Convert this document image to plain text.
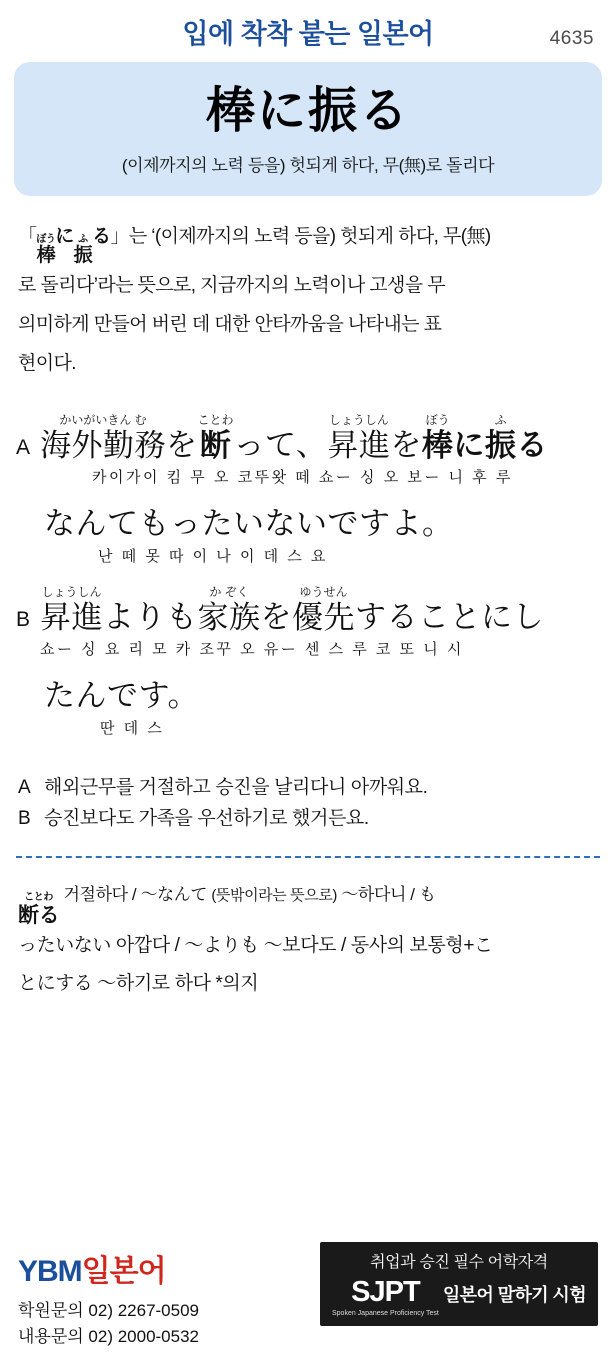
입에 착착 붙는 일본어	4635
棒に振る
(이제까지의 노력 등을) 헛되게 하다, 무(無)로 돌리다
「 ぼう
棒
に ふ
振
る」는 ‘(이제까지의 노력 등을) 헛되게 하다, 무(無)
로 돌리다’라는 뜻으로, 지금까지의 노력이나 고생을 무
의미하게 만들어 버린 데 대한 안타까움을 나타내는 표
현이다.
A
かいがいきん む
海外勤務 を
ことわ
断 って、
しょうしん
昇進 を
ぼう
棒 に
ふ
振 る
카이가이 킴 무 오 코뚜왓 떼 쇼ー 싱 오 보ー 니 후 루
なんてもったいないですよ。
난 떼 못 따 이 나 이 데 스 요
B
しょうしん
昇進 よりも
か ぞく
家族 を
ゆうせん
優先 することにし
쇼ー 싱 요 리 모 카 조꾸 오 유ー 센 스 루 코 또 니 시
たんです。
딴 데 스
A 해외근무를 거절하고 승진을 날리다니 아까워요.
B 승진보다도 가족을 우선하기로 했거든요.
ことわ
断る
거절하다 / ～なんて (뜻밖이라는 뜻으로) ～하다니 / も
ったいない 아깝다 / ～よりも ～보다도 / 동사의 보통형+こ
とにする ～하기로 하다 *의지
YBM일본어
학원문의 02) 2267-0509
내용문의 02) 2000-0532
취업과 승진 필수 어학자격
SJPT
Spoken Japanese Proficiency Test
일본어 말하기 시험
